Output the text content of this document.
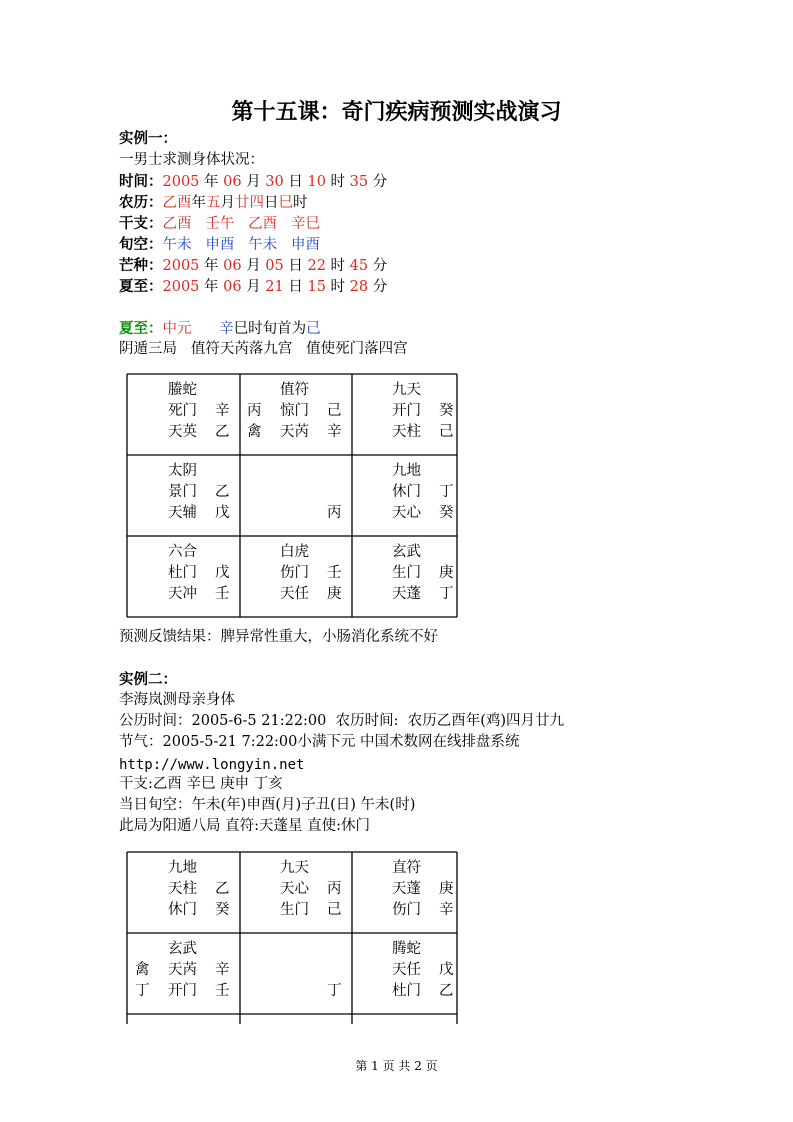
第十五课：奇门疾病预测实战演习
实例一：
一男士求测身体状况：
时间：2005 年 06 月 30 日 10 时 35 分
农历：乙酉年五月廿四日巳时
干支：乙酉 壬午 乙酉 辛巳
旬空：午未 申酉 午未 申酉
芒种：2005 年 06 月 05 日 22 时 45 分
夏至：2005 年 06 月 21 日 15 时 28 分
夏至：中元 辛巳时旬首为己
阴遁三局   值符天芮落九宫   值使死门落四宫
螣蛇
死门 辛
天英 乙
值符
丙 惊门 己
禽 天芮 辛
九天
开门 癸
天柱 己
太阴
景门 乙
天辅 戊	丙
九地
休门 丁
天心 癸
六合
杜门 戊
天冲 壬
白虎
伤门 壬
天任 庚
玄武
生门 庚
天蓬 丁
预测反馈结果：脾异常性重大，小肠消化系统不好
实例二：
李海岚测母亲身体
公历时间：2005-6-5 21:22:00  农历时间:  农历乙酉年(鸡)四月廿九
节气：2005-5-21 7:22:00小满下元 中国术数网在线排盘系统
http://www.longyin.net
干支:乙酉 辛巳 庚申 丁亥
当日旬空：午未(年)申酉(月)子丑(日) 午未(时)
此局为阳遁八局 直符:天蓬星 直使:休门
九地
天柱 乙
休门 癸
九天
天心 丙
生门 己
直符
天蓬 庚
伤门 辛
玄武
禽 天芮 辛
丁 开门 壬	丁
腾蛇
天任 戊
杜门 乙
第 1 页 共 2 页
